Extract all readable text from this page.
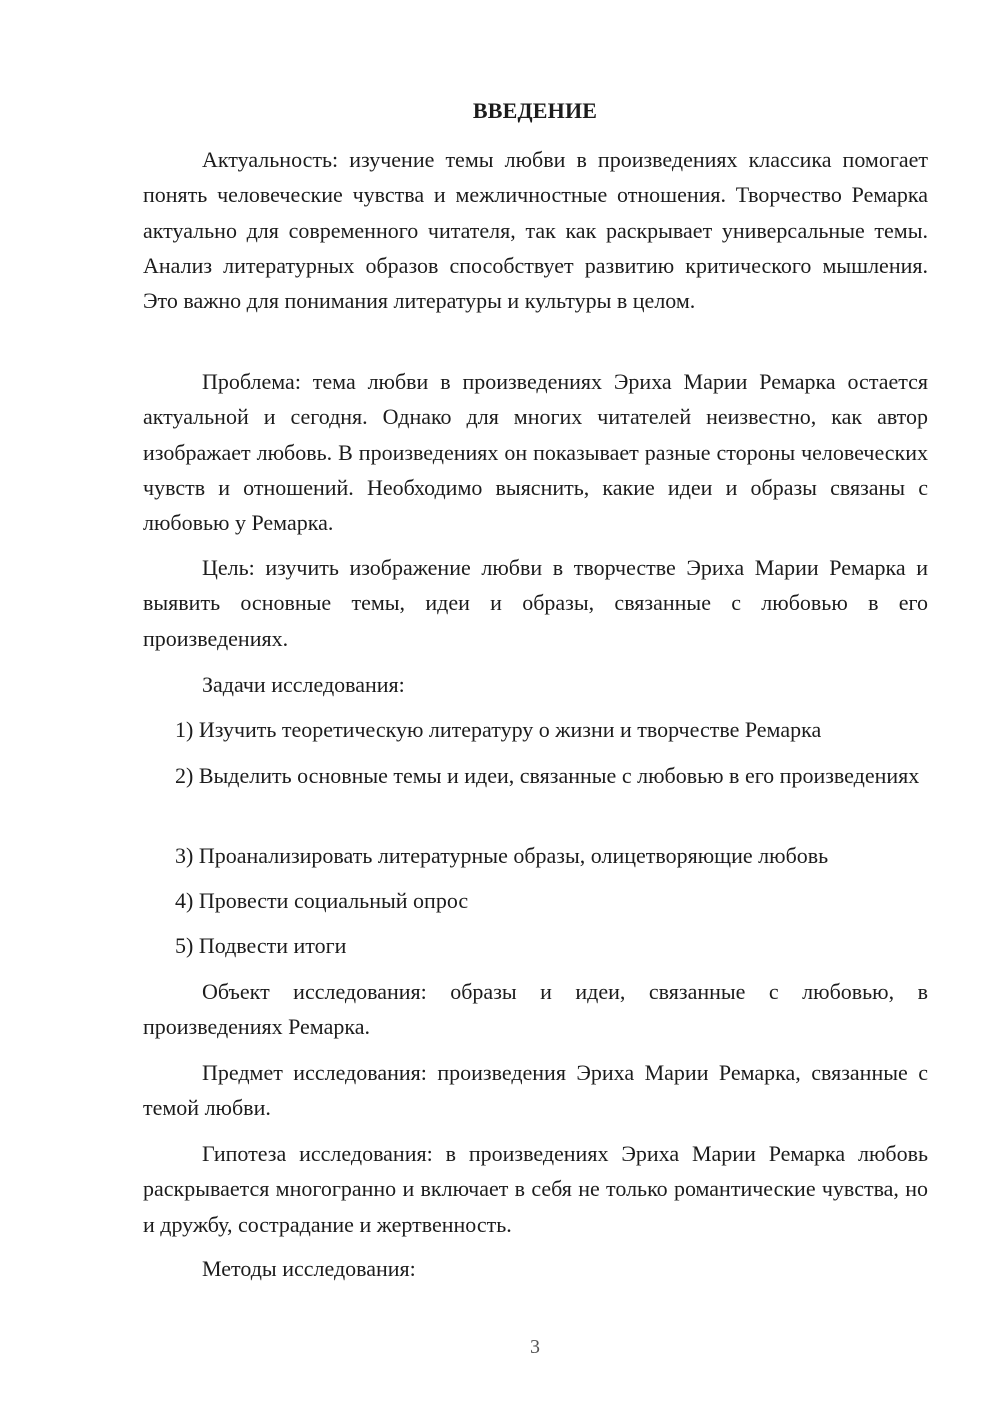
ВВЕДЕНИЕ

Актуальность: изучение темы любви в произведениях классика помогает понять человеческие чувства и межличностные отношения. Творчество Ремарка актуально для современного читателя, так как раскрывает универсальные темы. Анализ литературных образов способствует развитию критического мышления. Это важно для понимания литературы и культуры в целом.

Проблема: тема любви в произведениях Эриха Марии Ремарка остается актуальной и сегодня. Однако для многих читателей неизвестно, как автор изображает любовь. В произведениях он показывает разные стороны человеческих чувств и отношений. Необходимо выяснить, какие идеи и образы связаны с любовью у Ремарка.

Цель: изучить изображение любви в творчестве Эриха Марии Ремарка и выявить основные темы, идеи и образы, связанные с любовью в его произведениях.

Задачи исследования:

1) Изучить теоретическую литературу о жизни и творчестве Ремарка

2) Выделить основные темы и идеи, связанные с любовью в его произведениях

3) Проанализировать литературные образы, олицетворяющие любовь

4) Провести социальный опрос

5) Подвести итоги

Объект исследования: образы и идеи, связанные с любовью, в произведениях Ремарка.

Предмет исследования: произведения Эриха Марии Ремарка, связанные с темой любви.

Гипотеза исследования: в произведениях Эриха Марии Ремарка любовь раскрывается многогранно и включает в себя не только романтические чувства, но и дружбу, сострадание и жертвенность.

Методы исследования:

3
